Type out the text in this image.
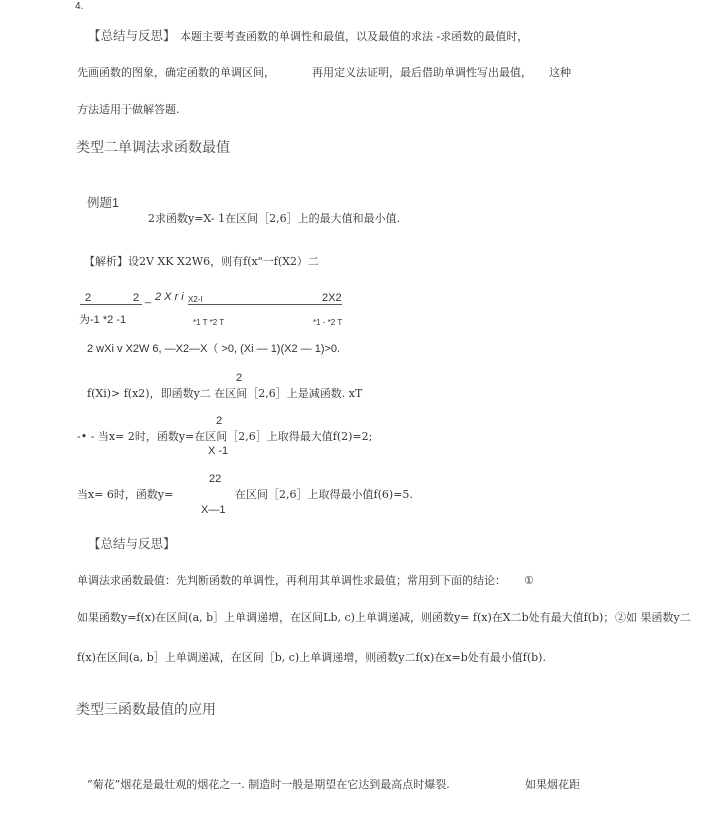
4.
【总结与反思】 本题主要考查函数的单调性和最值，以及最值的求法 -求函数的最值时，
先画函数的图象，确定函数的单调区间，	再用定义法证明，最后借助单调性写出最值， 这种
方法适用于做解答题.
类型二单调法求函数最值
例题1
2求函数y=X- 1在区间［2,6］上的最大值和最小值.
【解析】设2V XK X2W6，则有f(x"一f(X2）二
2	2 _ 2 X r i X2-I	2X2
为-1 *2 -1	*1 T *2 T	*1 - *2 T
2 wXi v X2W 6, —X2—X（ >0, (Xi — 1)(X2 — 1)>0.
2
f(Xi)> f(x2)，即函数y二 在区间［2,6］上是减函数. xT
2
-• - 当x= 2时，函数y=在区间［2,6］上取得最大值f(2)=2;
X -1
22
当x= 6时，函数y=	在区间［2,6］上取得最小值f(6)=5.
X—1
【总结与反思】
单调法求函数最值：先判断函数的单调性，再利用其单调性求最值；常用到下面的结论： ①
如果函数y=f(x)在区间(a, b］上单调递增，在区间Lb, c)上单调递减，则函数y= f(x)在X二b处有最大值f(b)； ②如 果函数y二
f(x)在区间(a, b］上单调递减，在区间［b, c)上单调递增，则函数y二f(x)在x=b处有最小值f(b).
类型三函数最值的应用
“菊花”烟花是最壮观的烟花之一. 制造时一般是期望在它达到最高点时爆裂.	如果烟花距
